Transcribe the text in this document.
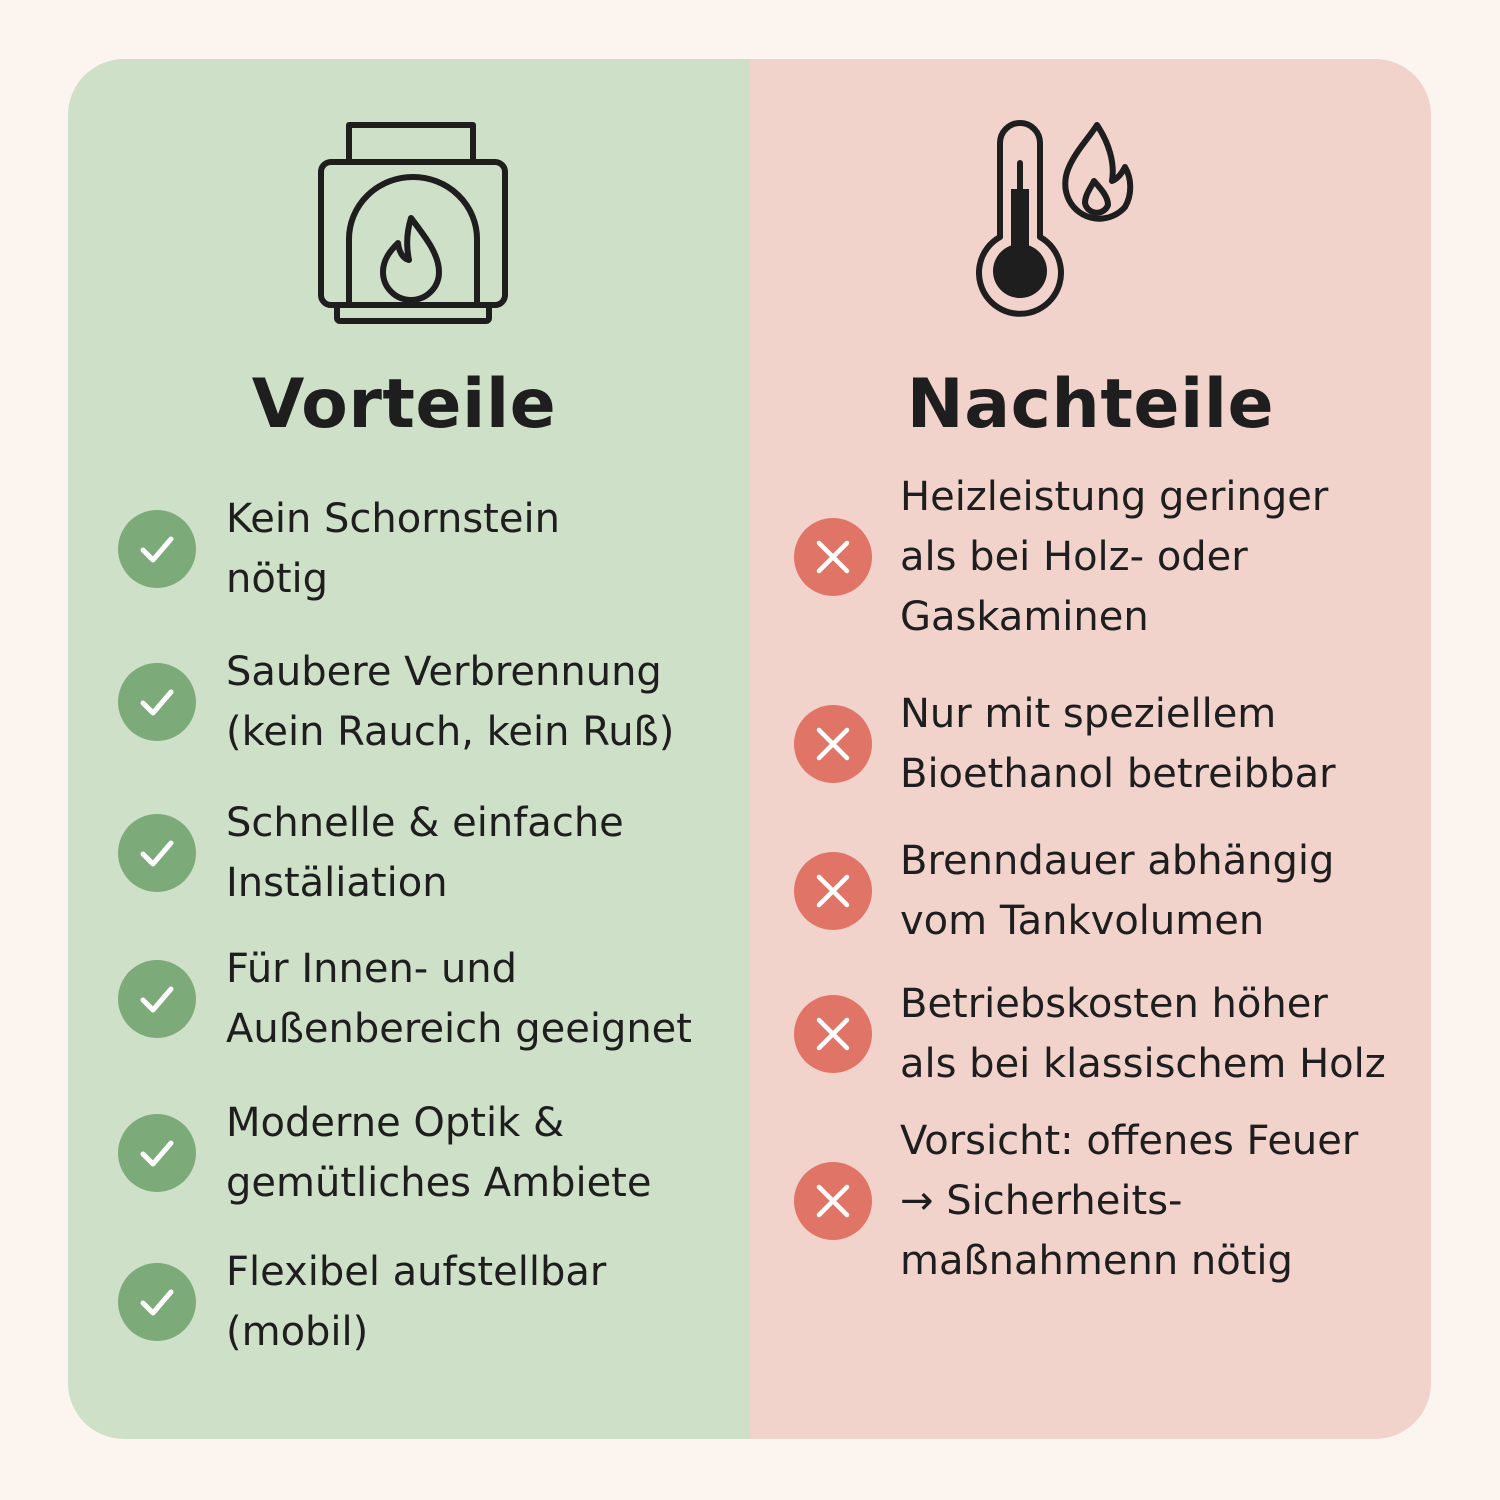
Vorteile
Kein Schornstein
nötig
Saubere Verbrennung
(kein Rauch, kein Ruß)
Schnelle & einfache
Instäliation
Für Innen- und
Außenbereich geeignet
Moderne Optik &
gemütliches Ambiete
Flexibel aufstellbar
(mobil)
Nachteile
Heizleistung geringer
als bei Holz- oder
Gaskaminen
Nur mit speziellem
Bioethanol betreibbar
Brenndauer abhängig
vom Tankvolumen
Betriebskosten höher
als bei klassischem Holz
Vorsicht: offenes Feuer
→ Sicherheits-
maßnahmenn nötig
